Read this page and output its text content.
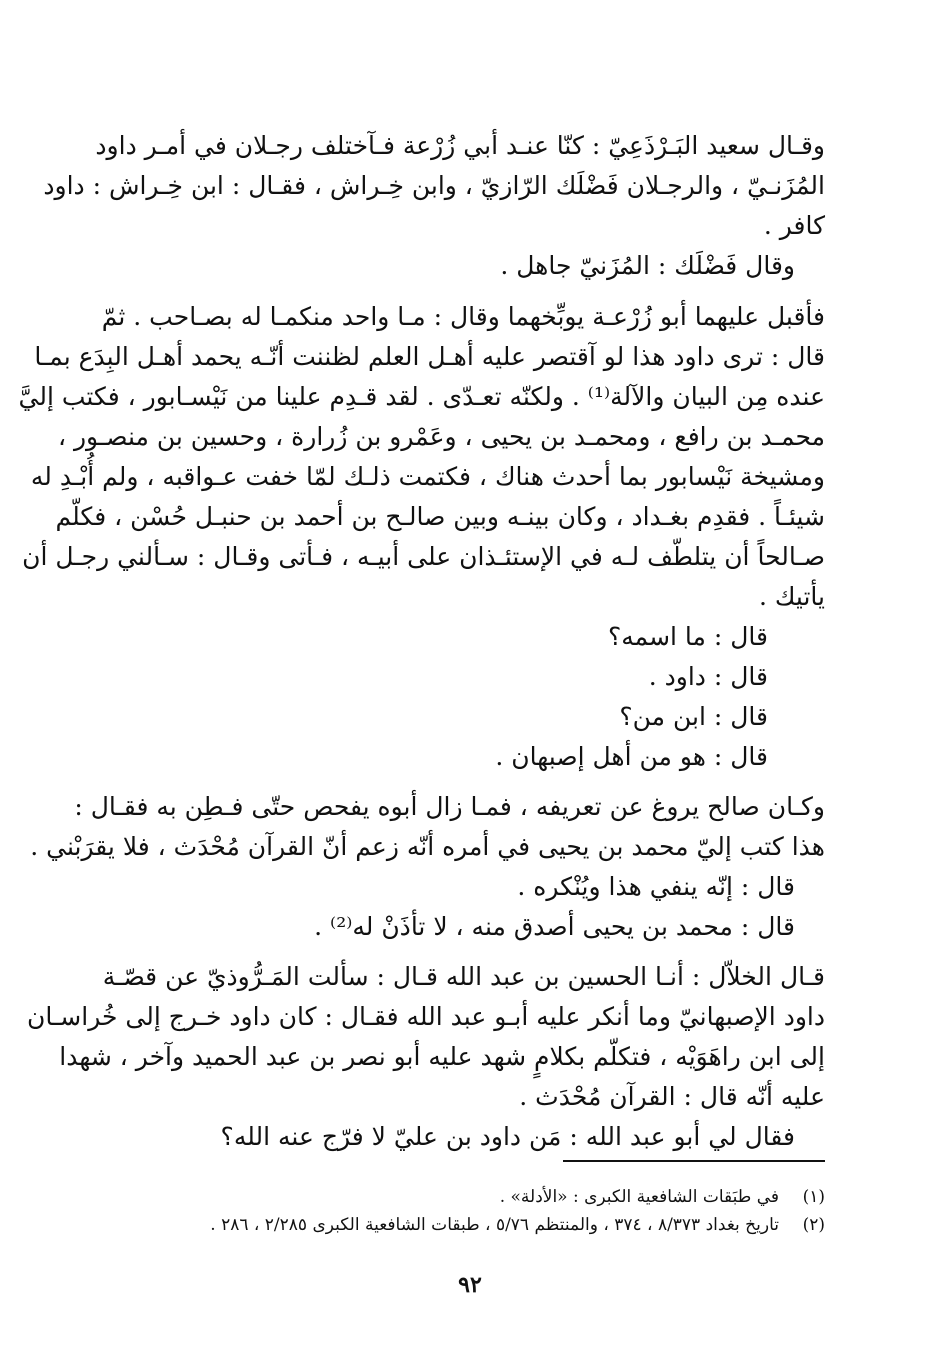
وقـال سعيد البَـرْذَعِيّ : كنّا عنـد أبي زُرْعة فـآختلف رجـلان في أمـر داود
المُزَنـيّ ، والرجـلان فَضْلَك الرّازيّ ، وابن خِـراش ، فقـال : ابن خِـراش : داود
كافر .
وقال فَضْلَك : المُزَنيّ جاهل .
فأقبل عليهما أبو زُرْعـة يوبِّخهما وقال : مـا واحد منكمـا له بصـاحب . ثمّ
قال : ترى داود هذا لو آقتصر عليه أهـل العلم لظننت أنّـه يحمد أهـل البِدَع بمـا
عنده مِن البيان والآلة⁽¹⁾ . ولكنّه تعـدّى . لقد قـدِم علينا من نَيْسـابور ، فكتب إليَّ
محمـد بن رافع ، ومحمـد بن يحيى ، وعَمْرو بن زُرارة ، وحسين بن منصـور ،
ومشيخة نَيْسابور بما أحدث هناك ، فكتمت ذلـك لمّا خفت عـواقبه ، ولم أُبْـدِ له
شيئـاً . فقدِم بغـداد ، وكان بينـه وبين صالـح بن أحمد بن حنبـل حُسْن ، فكلّم
صـالحاً أن يتلطّف لـه في الإستئـذان على أبيـه ، فـأتى وقـال : سـألني رجـل أن
يأتيك .
قال : ما اسمه؟
قال : داود .
قال : ابن من؟
قال : هو من أهل إصبهان .
وكـان صالح يروغ عن تعريفه ، فمـا زال أبوه يفحص حتّى فـطِن به فقـال :
هذا كتب إليّ محمد بن يحيى في أمره أنّه زعم أنّ القرآن مُحْدَث ، فلا يقرَبْني .
قال : إنّه ينفي هذا ويُنْكره .
قال : محمد بن يحيى أصدق منه ، لا تأذَنْ له⁽²⁾ .
قـال الخلاّل : أنـا الحسين بن عبد الله قـال : سألت المَـرُّوذيّ عن قصّـة
داود الإصبهانيّ وما أنكر عليه أبـو عبد الله فقـال : كان داود خـرج إلى خُراسـان
إلى ابن راهَوَيْه ، فتكلّم بكلامٍ شهد عليه أبو نصر بن عبد الحميد وآخر ، شهدا
عليه أنّه قال : القرآن مُحْدَث .
فقال لي أبو عبد الله : مَن داود بن عليّ لا فرّج عنه الله؟
(١)في طبَقات الشافعية الكبرى : «الأدلة» .
(٢)تاريخ بغداد ٨/٣٧٣ ، ٣٧٤ ، والمنتظم ٥/٧٦ ، طبقات الشافعية الكبرى ٢/٢٨٥ ، ٢٨٦ .
٩٢
